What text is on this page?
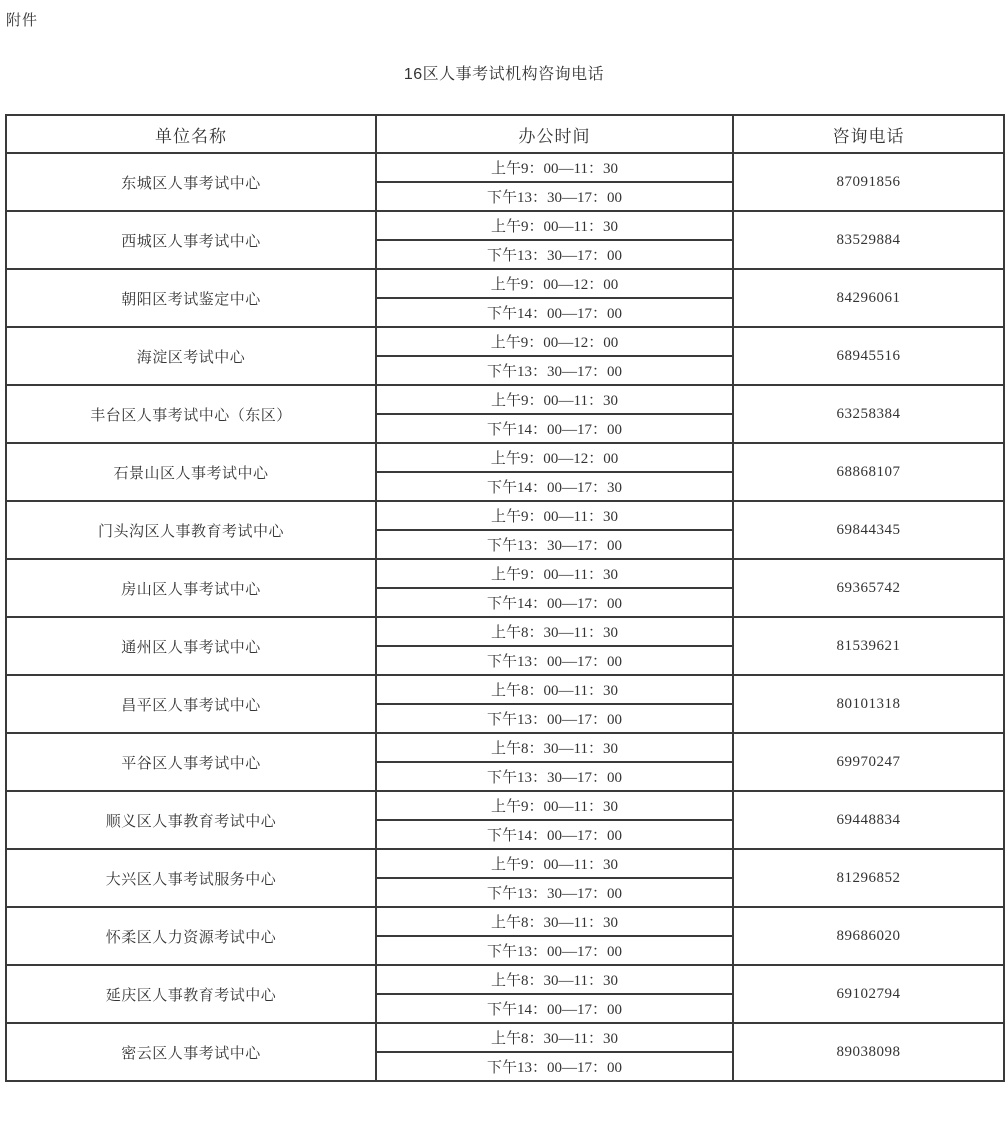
附件
16区人事考试机构咨询电话
单位名称	办公时间	咨询电话
东城区人事考试中心	上午9：00—11：30	87091856
	下午13：30—17：00	
西城区人事考试中心	上午9：00—11：30	83529884
	下午13：30—17：00	
朝阳区考试鉴定中心	上午9：00—12：00	84296061
	下午14：00—17：00	
海淀区考试中心	上午9：00—12：00	68945516
	下午13：30—17：00	
丰台区人事考试中心（东区）	上午9：00—11：30	63258384
	下午14：00—17：00	
石景山区人事考试中心	上午9：00—12：00	68868107
	下午14：00—17：30	
门头沟区人事教育考试中心	上午9：00—11：30	69844345
	下午13：30—17：00	
房山区人事考试中心	上午9：00—11：30	69365742
	下午14：00—17：00	
通州区人事考试中心	上午8：30—11：30	81539621
	下午13：00—17：00	
昌平区人事考试中心	上午8：00—11：30	80101318
	下午13：00—17：00	
平谷区人事考试中心	上午8：30—11：30	69970247
	下午13：30—17：00	
顺义区人事教育考试中心	上午9：00—11：30	69448834
	下午14：00—17：00	
大兴区人事考试服务中心	上午9：00—11：30	81296852
	下午13：30—17：00	
怀柔区人力资源考试中心	上午8：30—11：30	89686020
	下午13：00—17：00	
延庆区人事教育考试中心	上午8：30—11：30	69102794
	下午14：00—17：00	
密云区人事考试中心	上午8：30—11：30	89038098
	下午13：00—17：00	
